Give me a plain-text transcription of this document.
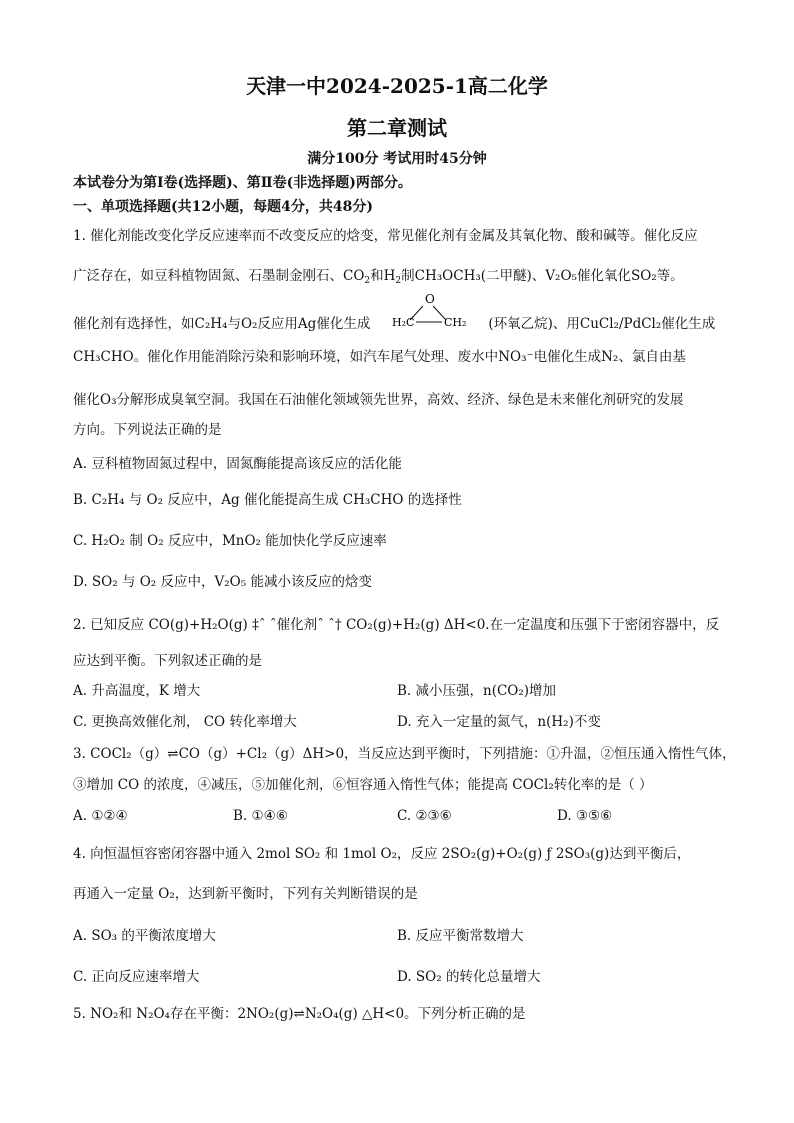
天津一中2024-2025-1高二化学
第二章测试
满分100分 考试用时45分钟
本试卷分为第Ⅰ卷(选择题)、第Ⅱ卷(非选择题)两部分。
一、单项选择题(共12小题，每题4分，共48分)
1. 催化剂能改变化学反应速率而不改变反应的焓变，常见催化剂有金属及其氧化物、酸和碱等。催化反应
广泛存在，如豆科植物固氮、石墨制金刚石、$CO_2$和$H_2$制CH₃OCH₃(二甲醚)、V₂O₅催化氧化SO₂等。
O
H₂C	CH₂
催化剂有选择性，如C₂H₄与O₂反应用Ag催化生成	(环氧乙烷)、用CuCl₂/PdCl₂催化生成
CH₃CHO。催化作用能消除污染和影响环境，如汽车尾气处理、废水中NO₃⁻电催化生成N₂、氯自由基
催化O₃分解形成臭氧空洞。我国在石油催化领域领先世界，高效、经济、绿色是未来催化剂研究的发展
方向。下列说法正确的是
A. 豆科植物固氮过程中，固氮酶能提高该反应的活化能
B. C₂H₄ 与 O₂ 反应中，Ag 催化能提高生成 CH₃CHO 的选择性
C. H₂O₂ 制 O₂ 反应中，MnO₂ 能加快化学反应速率
D. SO₂ 与 O₂ 反应中，V₂O₅ 能减小该反应的焓变
2. 已知反应 CO(g)+H₂O(g) ‡ˆ ˆ催化剂ˆ ˆ† CO₂(g)+H₂(g) ΔH<0.在一定温度和压强下于密闭容器中，反
应达到平衡。下列叙述正确的是
A. 升高温度，K 增大	B. 减小压强，n(CO₂)增加
C. 更换高效催化剂， CO 转化率增大	D. 充入一定量的氮气，n(H₂)不变
3. COCl₂（g）⇌CO（g）+Cl₂（g）ΔH>0，当反应达到平衡时，下列措施：①升温，②恒压通入惰性气体，
③增加 CO 的浓度，④减压，⑤加催化剂，⑥恒容通入惰性气体；能提高 COCl₂转化率的是（ ）
A. ①②④	B. ①④⑥	C. ②③⑥	D. ③⑤⑥
4. 向恒温恒容密闭容器中通入 2mol SO₂ 和 1mol O₂，反应 2SO₂(g)+O₂(g) ƒ 2SO₃(g)达到平衡后，
再通入一定量 O₂，达到新平衡时，下列有关判断错误的是
A. SO₃ 的平衡浓度增大	B. 反应平衡常数增大
C. 正向反应速率增大	D. SO₂ 的转化总量增大
5. NO₂和 N₂O₄存在平衡：2NO₂(g)⇌N₂O₄(g) △H<0。下列分析正确的是
